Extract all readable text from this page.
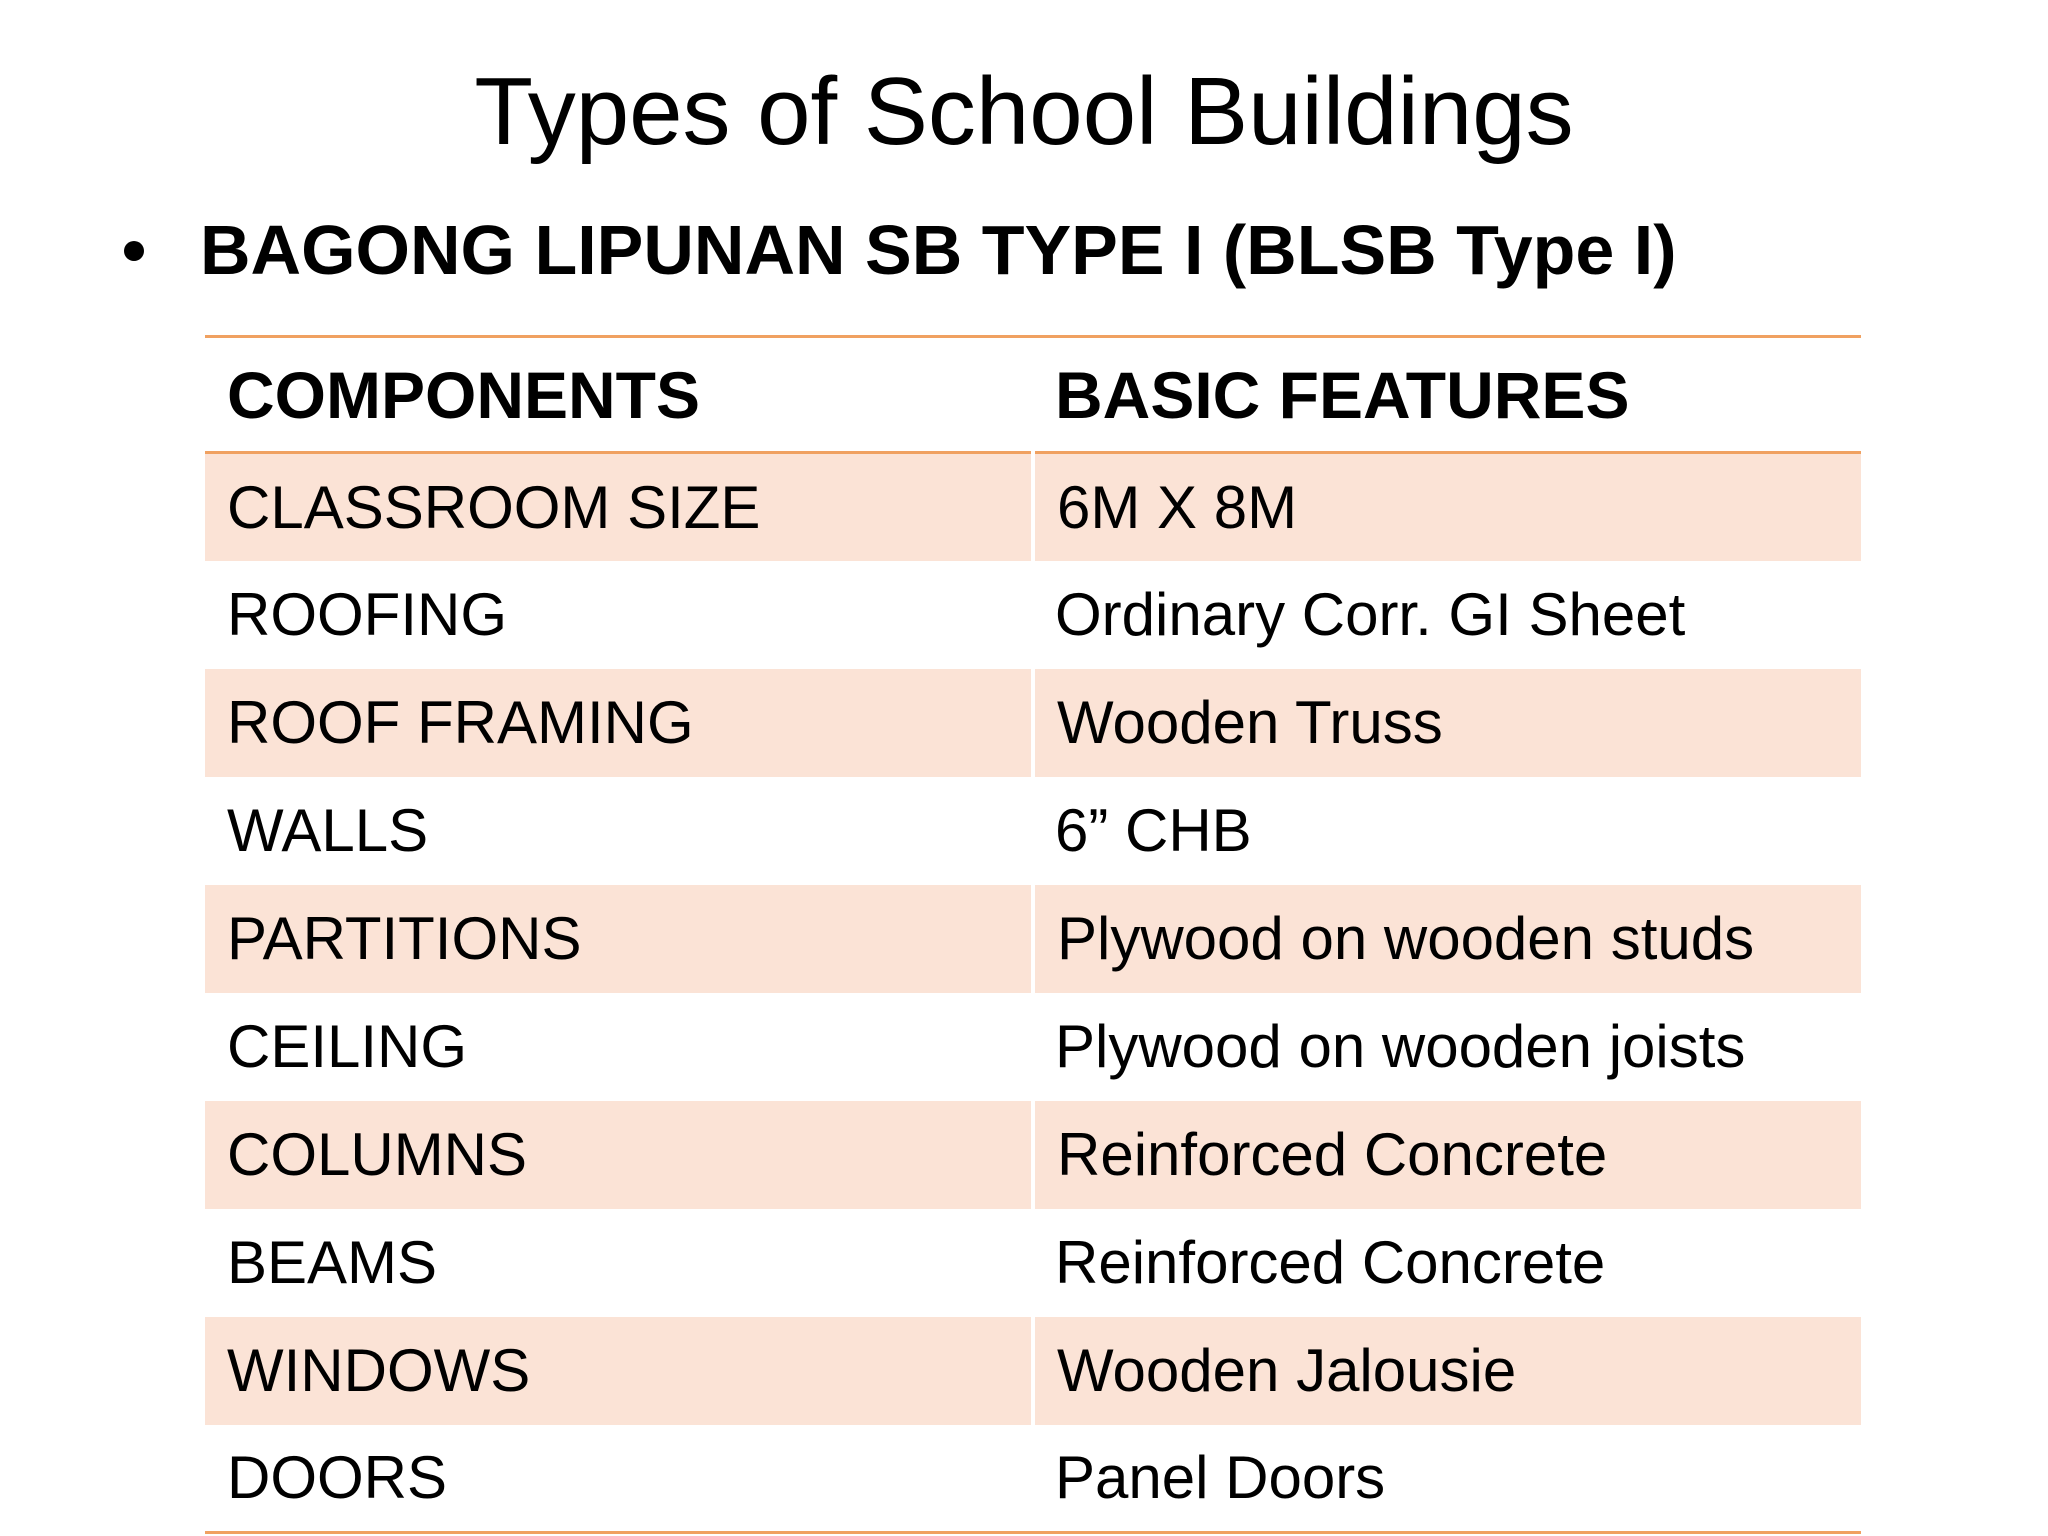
Types of School Buildings
BAGONG LIPUNAN SB TYPE I (BLSB Type I)
COMPONENTS	BASIC FEATURES
CLASSROOM SIZE	6M X 8M
ROOFING	Ordinary Corr. GI Sheet
ROOF FRAMING	Wooden Truss
WALLS	6” CHB
PARTITIONS	Plywood on wooden studs
CEILING	Plywood on wooden joists
COLUMNS	Reinforced Concrete
BEAMS	Reinforced Concrete
WINDOWS	Wooden Jalousie
DOORS	Panel Doors
